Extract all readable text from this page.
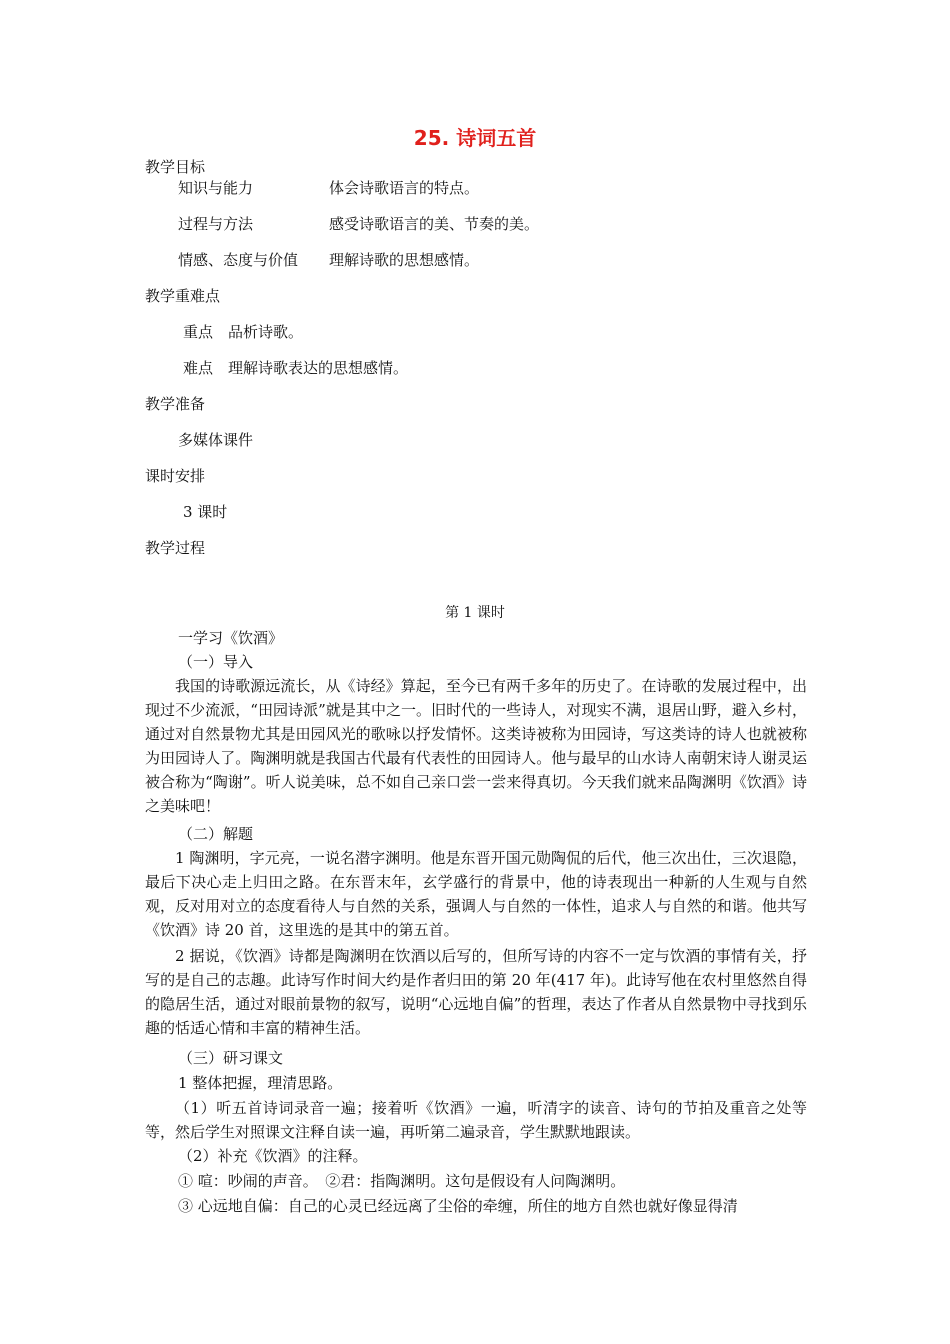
25. 诗词五首
教学目标
知识与能力	体会诗歌语言的特点。
过程与方法	感受诗歌语言的美、节奏的美。
情感、态度与价值 理解诗歌的思想感情。
教学重难点
重点　品析诗歌。
难点　理解诗歌表达的思想感情。
教学准备
多媒体课件
课时安排
3 课时
教学过程
第 1 课时
一学习《饮酒》
（一）导入
我国的诗歌源远流长，从《诗经》算起，至今已有两千多年的历史了。在诗歌的发展过程中，出现过不少流派，“田园诗派”就是其中之一。旧时代的一些诗人，对现实不满，退居山野，避入乡村，通过对自然景物尤其是田园风光的歌咏以抒发情怀。这类诗被称为田园诗，写这类诗的诗人也就被称为田园诗人了。陶渊明就是我国古代最有代表性的田园诗人。他与最早的山水诗人南朝宋诗人谢灵运被合称为“陶谢”。听人说美味，总不如自己亲口尝一尝来得真切。今天我们就来品陶渊明《饮酒》诗之美味吧！
（二）解题
1 陶渊明，字元亮，一说名潜字渊明。他是东晋开国元勋陶侃的后代，他三次出仕，三次退隐，最后下决心走上归田之路。在东晋末年，玄学盛行的背景中，他的诗表现出一种新的人生观与自然观，反对用对立的态度看待人与自然的关系，强调人与自然的一体性，追求人与自然的和谐。他共写《饮酒》诗 20 首，这里选的是其中的第五首。
2 据说，《饮酒》诗都是陶渊明在饮酒以后写的，但所写诗的内容不一定与饮酒的事情有关，抒写的是自己的志趣。此诗写作时间大约是作者归田的第 20 年(417 年)。此诗写他在农村里悠然自得的隐居生活，通过对眼前景物的叙写，说明“心远地自偏”的哲理，表达了作者从自然景物中寻找到乐趣的恬适心情和丰富的精神生活。
（三）研习课文
1 整体把握，理清思路。
（1）听五首诗词录音一遍；接着听《饮酒》一遍，听清字的读音、诗句的节拍及重音之处等等，然后学生对照课文注释自读一遍，再听第二遍录音，学生默默地跟读。
（2）补充《饮酒》的注释。
① 喧：吵闹的声音。　②君：指陶渊明。这句是假设有人问陶渊明。
③ 心远地自偏：自己的心灵已经远离了尘俗的牵缠，所住的地方自然也就好像显得清
